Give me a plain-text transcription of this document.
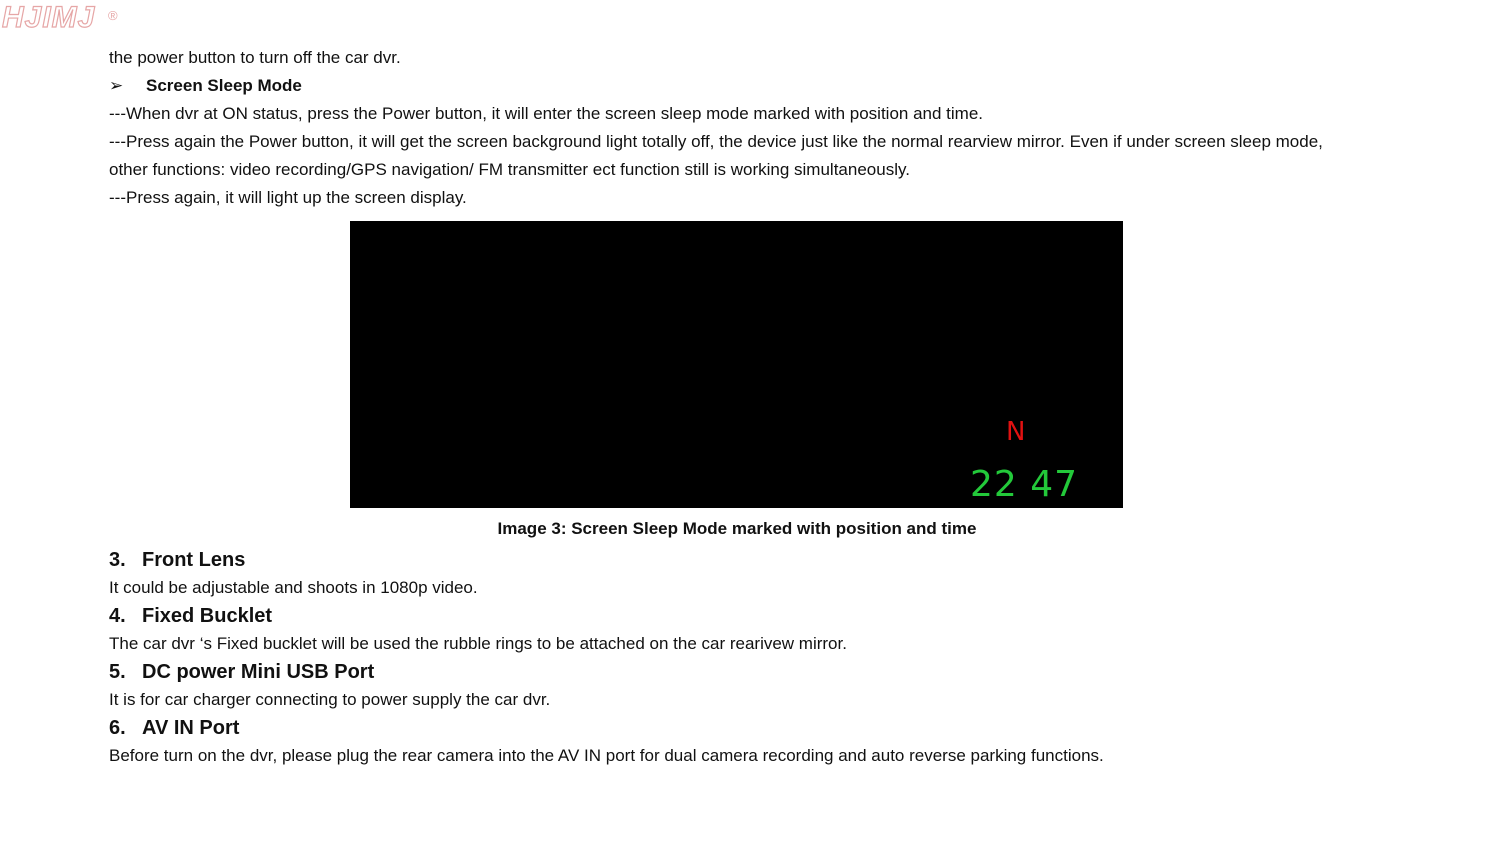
HJIMJ ®

the power button to turn off the car dvr.

➢	Screen Sleep Mode

---When dvr at ON status, press the Power button, it will enter the screen sleep mode marked with position and time.

---Press again the Power button, it will get the screen background light totally off, the device just like the normal rearview mirror. Even if under screen sleep mode,

other functions: video recording/GPS navigation/ FM transmitter ect function still is working simultaneously.

---Press again, it will light up the screen display.

N
22 47
Image 3: Screen Sleep Mode marked with position and time
3. Front Lens

It could be adjustable and shoots in 1080p video.

4. Fixed Bucklet

The car dvr ‘s Fixed bucklet will be used the rubble rings to be attached on the car rearivew mirror.

5. DC power Mini USB Port

It is for car charger connecting to power supply the car dvr.

6. AV IN Port

Before turn on the dvr, please plug the rear camera into the AV IN port for dual camera recording and auto reverse parking functions.
